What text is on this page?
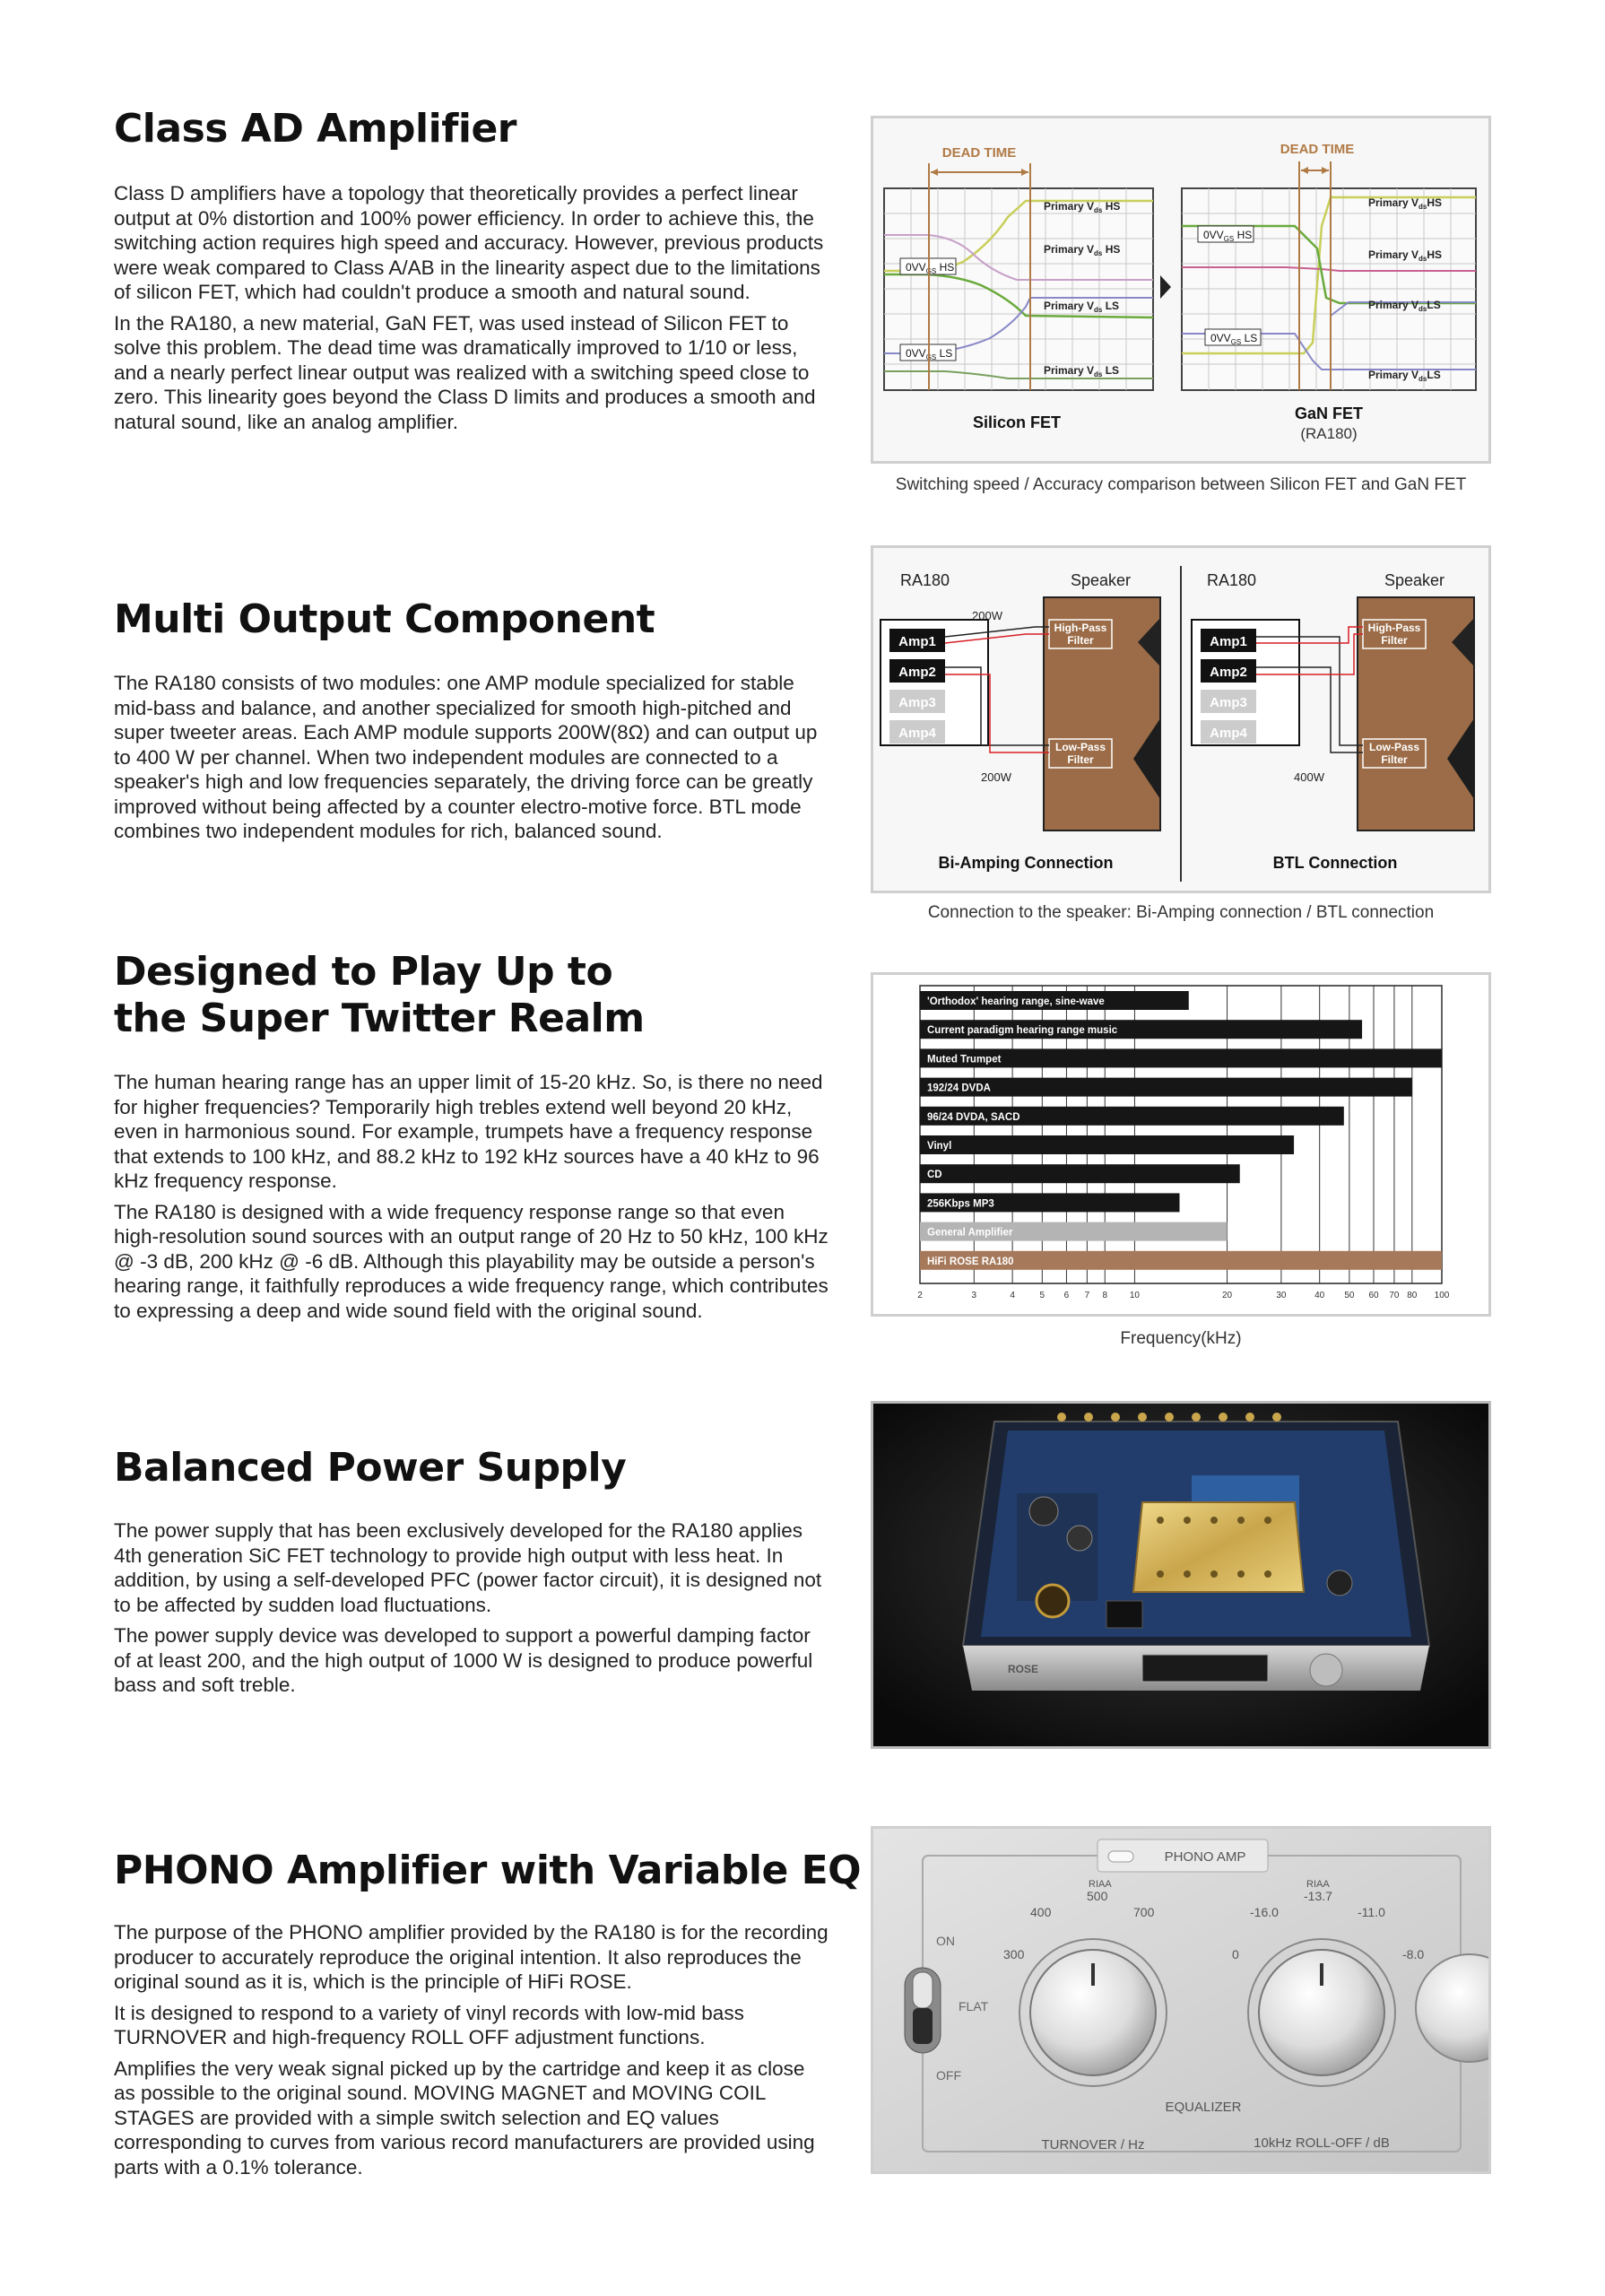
Class AD Amplifier

Class D amplifiers have a topology that theoretically provides a perfect linear output at 0% distortion and 100% power efficiency. In order to achieve this, the switching action requires high speed and accuracy. However, previous products were weak compared to Class A/AB in the linearity aspect due to the limitations of silicon FET, which had couldn't produce a smooth and natural sound.

In the RA180, a new material, GaN FET, was used instead of Silicon FET to solve this problem. The dead time was dramatically improved to 1/10 or less, and a nearly perfect linear output was realized with a switching speed close to zero. This linearity goes beyond the Class D limits and produces a smooth and natural sound, like an analog amplifier.

$0VV_{GS}$ HS
$0VV_{GS}$ LS
Primary $V_{ds}$ HS
Primary $V_{ds}$ HS
Primary $V_{ds}$ LS
Primary $V_{ds}$ LS
DEAD TIME
$0VV_{GS}$ HS
$0VV_{GS}$ LS
Primary $V_{ds}HS$
Primary $V_{ds}HS$
Primary $V_{ds}LS$
Primary $V_{ds}LS$
DEAD TIME
Silicon FET	GaN FET
(RA180)
Switching speed / Accuracy comparison between Silicon FET and GaN FET
Multi Output Component

The RA180 consists of two modules: one AMP module specialized for stable mid-bass and balance, and another specialized for smooth high-pitched and super tweeter areas. Each AMP module supports 200W(8Ω) and can output up to 400 W per channel. When two independent modules are connected to a speaker's high and low frequencies separately, the driving force can be greatly improved without being affected by a counter electro-motive force. BTL mode combines two independent modules for rich, balanced sound.

RA180	Speaker
Amp1
Amp2
Amp3
Amp4
High-Pass
Filter
Low-Pass
Filter
200W
200W
Bi-Amping Connection
RA180	Speaker
Amp1
Amp2
Amp3
Amp4
High-Pass
Filter
Low-Pass
Filter
400W
BTL Connection
Connection to the speaker: Bi-Amping connection / BTL connection
Designed to Play Up to
the Super Twitter Realm

The human hearing range has an upper limit of 15-20 kHz. So, is there no need for higher frequencies? Temporarily high trebles extend well beyond 20 kHz, even in harmonious sound. For example, trumpets have a frequency response that extends to 100 kHz, and 88.2 kHz to 192 kHz sources have a 40 kHz to 96 kHz frequency response.

The RA180 is designed with a wide frequency response range so that even high-resolution sound sources with an output range of 20 Hz to 50 kHz, 100 kHz @ -3 dB, 200 kHz @ -6 dB. Although this playability may be outside a person's hearing range, it faithfully reproduces a wide frequency range, which contributes to expressing a deep and wide sound field with the original sound.

2	3	4	5 6 7 8 10	20	30	40 50 60 70 80 100
'Orthodox' hearing range, sine-wave
Current paradigm hearing range music
Muted Trumpet
192/24 DVDA
96/24 DVDA, SACD
Vinyl
CD
256Kbps MP3
General Amplifier
HiFi ROSE RA180
Frequency(kHz)
Balanced Power Supply

The power supply that has been exclusively developed for the RA180 applies 4th generation SiC FET technology to provide high output with less heat. In addition, by using a self-developed PFC (power factor circuit), it is designed not to be affected by sudden load fluctuations.

The power supply device was developed to support a powerful damping factor of at least 200, and the high output of 1000 W is designed to produce powerful bass and soft treble.

ROSE
PHONO Amplifier with Variable EQ

The purpose of the PHONO amplifier provided by the RA180 is for the recording producer to accurately reproduce the original intention. It also reproduces the original sound as it is, which is the principle of HiFi ROSE.

It is designed to respond to a variety of vinyl records with low-mid bass TURNOVER and high-frequency ROLL OFF adjustment functions.

Amplifies the very weak signal picked up by the cartridge and keep it as close as possible to the original sound. MOVING MAGNET and MOVING COIL STAGES are provided with a simple switch selection and EQ values corresponding to curves from various record manufacturers are provided using parts with a 0.1% tolerance.

PHONO AMP
ON
FLAT
OFF
300
400
RIAA
500
700
0
-16.0
RIAA
-13.7
-11.0
-8.0
EQUALIZER
TURNOVER / Hz	10kHz ROLL-OFF / dB
